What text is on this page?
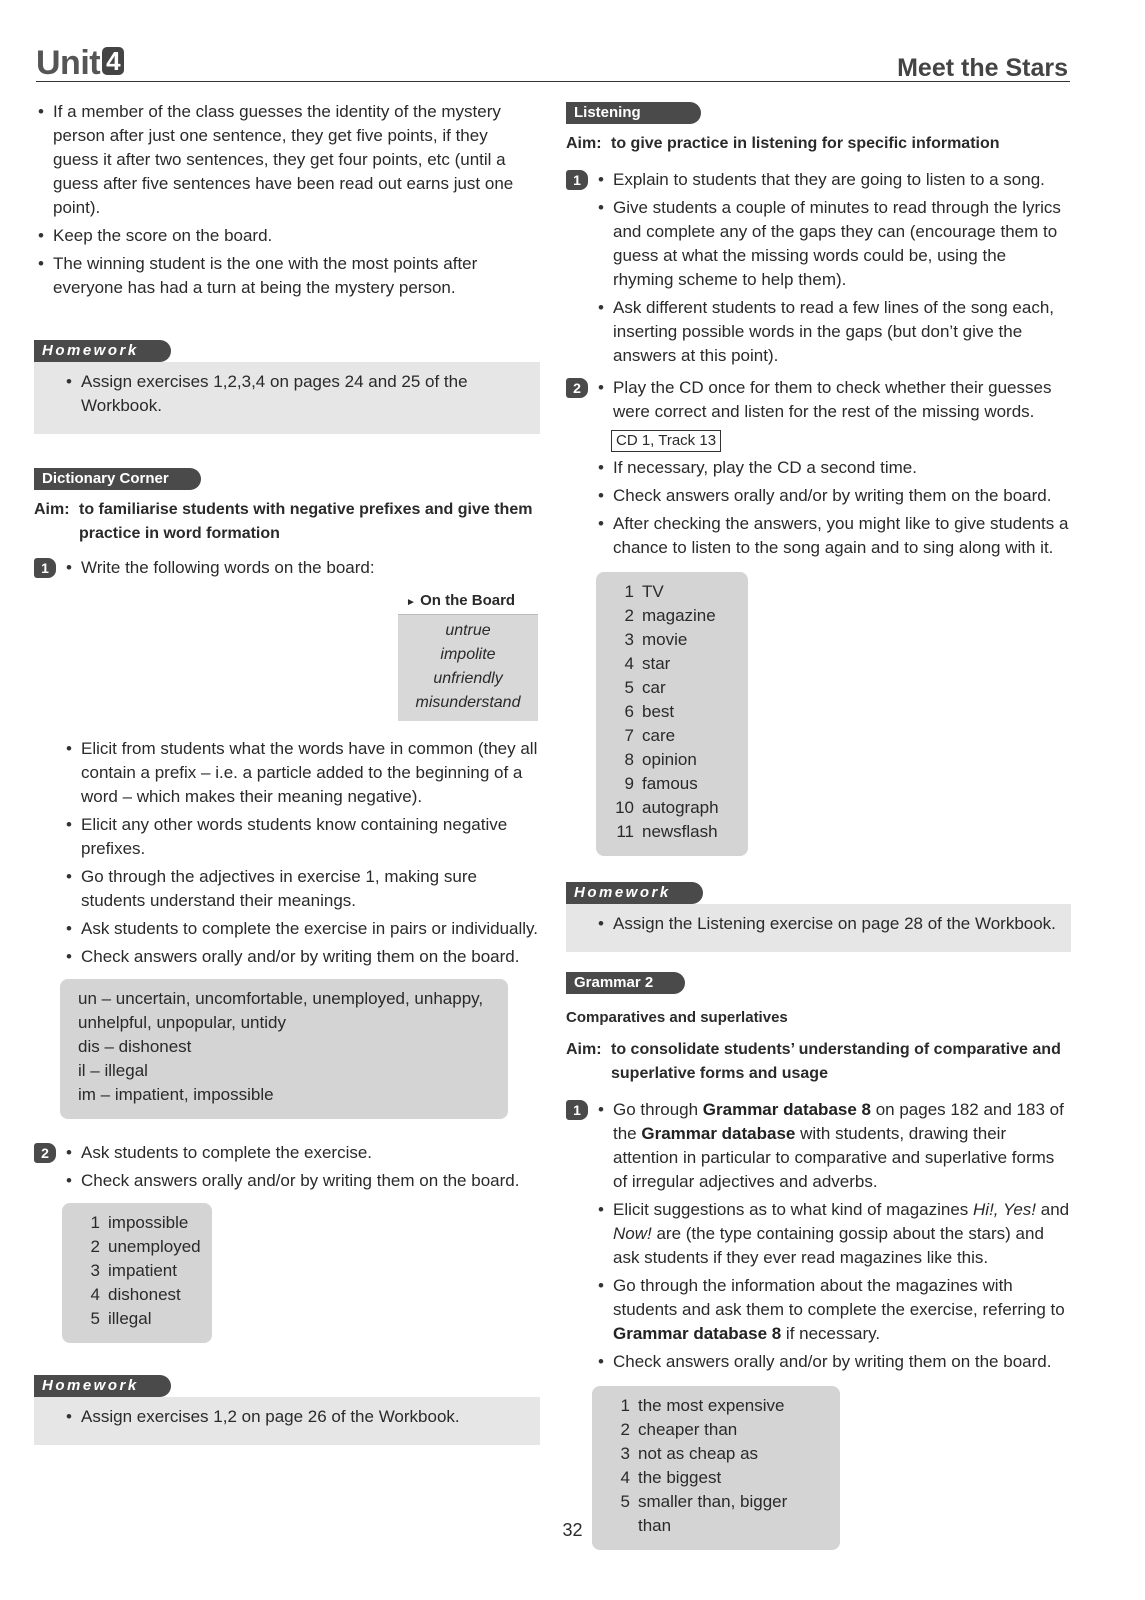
Unit 4	Meet the Stars
• If a member of the class guesses the identity of the mystery person after just one sentence, they get five points, if they guess it after two sentences, they get four points, etc (until a guess after five sentences have been read out earns just one point).
• Keep the score on the board.
• The winning student is the one with the most points after everyone has had a turn at being the mystery person.
Homework
• Assign exercises 1,2,3,4 on pages 24 and 25 of the Workbook.
Dictionary Corner
Aim: to familiarise students with negative prefixes and give them practice in word formation
1	• Write the following words on the board:
► On the Board
untrue
impolite
unfriendly
misunderstand
• Elicit from students what the words have in common (they all contain a prefix – i.e. a particle added to the beginning of a word – which makes their meaning negative).
• Elicit any other words students know containing negative prefixes.
• Go through the adjectives in exercise 1, making sure students understand their meanings.
• Ask students to complete the exercise in pairs or individually.
• Check answers orally and/or by writing them on the board.
un – uncertain, uncomfortable, unemployed, unhappy, unhelpful, unpopular, untidy
dis – dishonest
il – illegal
im – impatient, impossible
2	• Ask students to complete the exercise.
• Check answers orally and/or by writing them on the board.
1 impossible
2 unemployed
3 impatient
4 dishonest
5 illegal
Homework
• Assign exercises 1,2 on page 26 of the Workbook.
Listening
Aim: to give practice in listening for specific information
1	• Explain to students that they are going to listen to a song.
• Give students a couple of minutes to read through the lyrics and complete any of the gaps they can (encourage them to guess at what the missing words could be, using the rhyming scheme to help them).
• Ask different students to read a few lines of the song each, inserting possible words in the gaps (but don’t give the answers at this point).
2	• Play the CD once for them to check whether their guesses were correct and listen for the rest of the missing words.
CD 1, Track 13
• If necessary, play the CD a second time.
• Check answers orally and/or by writing them on the board.
• After checking the answers, you might like to give students a chance to listen to the song again and to sing along with it.
1 TV
2 magazine
3 movie
4 star
5 car
6 best
7 care
8 opinion
9 famous
10 autograph
11 newsflash
Homework
• Assign the Listening exercise on page 28 of the Workbook.
Grammar 2
Comparatives and superlatives
Aim: to consolidate students’ understanding of comparative and superlative forms and usage
1	• Go through Grammar database 8 on pages 182 and 183 of the Grammar database with students, drawing their attention in particular to comparative and superlative forms of irregular adjectives and adverbs.
• Elicit suggestions as to what kind of magazines Hi!, Yes! and Now! are (the type containing gossip about the stars) and ask students if they ever read magazines like this.
• Go through the information about the magazines with students and ask them to complete the exercise, referring to Grammar database 8 if necessary.
• Check answers orally and/or by writing them on the board.
1 the most expensive
2 cheaper than
3 not as cheap as
4 the biggest
5 smaller than, bigger than
32
